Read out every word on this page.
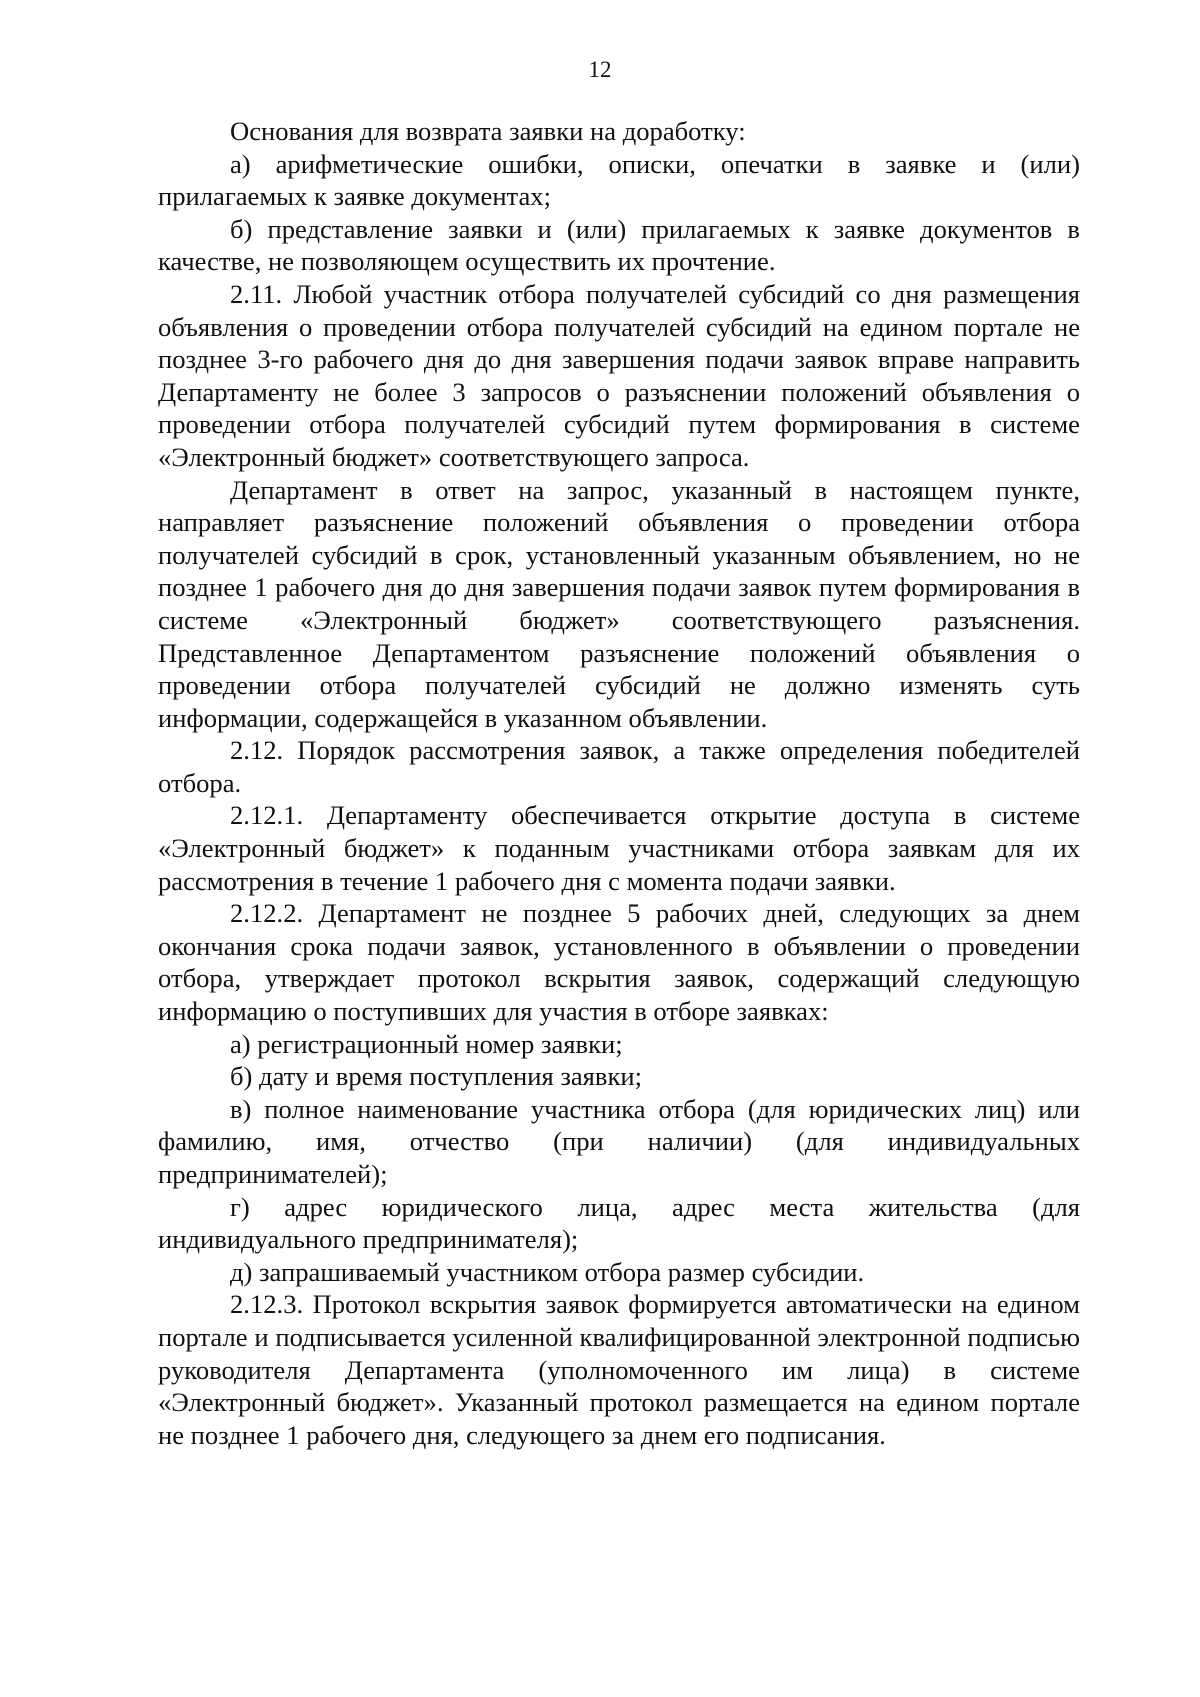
12

Основания для возврата заявки на доработку:

а) арифметические ошибки, описки, опечатки в заявке и (или) прилагаемых к заявке документах;

б) представление заявки и (или) прилагаемых к заявке документов в качестве, не позволяющем осуществить их прочтение.

2.11. Любой участник отбора получателей субсидий со дня размещения объявления о проведении отбора получателей субсидий на едином портале не позднее 3-го рабочего дня до дня завершения подачи заявок вправе направить Департаменту не более 3 запросов о разъяснении положений объявления о проведении отбора получателей субсидий путем формирования в системе «Электронный бюджет» соответствующего запроса.

Департамент в ответ на запрос, указанный в настоящем пункте, направляет разъяснение положений объявления о проведении отбора получателей субсидий в срок, установленный указанным объявлением, но не позднее 1 рабочего дня до дня завершения подачи заявок путем формирования в системе «Электронный бюджет» соответствующего разъяснения. Представленное Департаментом разъяснение положений объявления о проведении отбора получателей субсидий не должно изменять суть информации, содержащейся в указанном объявлении.

2.12. Порядок рассмотрения заявок, а также определения победителей отбора.

2.12.1. Департаменту обеспечивается открытие доступа в системе «Электронный бюджет» к поданным участниками отбора заявкам для их рассмотрения в течение 1 рабочего дня с момента подачи заявки.

2.12.2. Департамент не позднее 5 рабочих дней, следующих за днем окончания срока подачи заявок, установленного в объявлении о проведении отбора, утверждает протокол вскрытия заявок, содержащий следующую информацию о поступивших для участия в отборе заявках:

а) регистрационный номер заявки;

б) дату и время поступления заявки;

в) полное наименование участника отбора (для юридических лиц) или фамилию, имя, отчество (при наличии) (для индивидуальных предпринимателей);

г) адрес юридического лица, адрес места жительства (для индивидуального предпринимателя);

д) запрашиваемый участником отбора размер субсидии.

2.12.3. Протокол вскрытия заявок формируется автоматически на едином портале и подписывается усиленной квалифицированной электронной подписью руководителя Департамента (уполномоченного им лица) в системе «Электронный бюджет». Указанный протокол размещается на едином портале не позднее 1 рабочего дня, следующего за днем его подписания.
